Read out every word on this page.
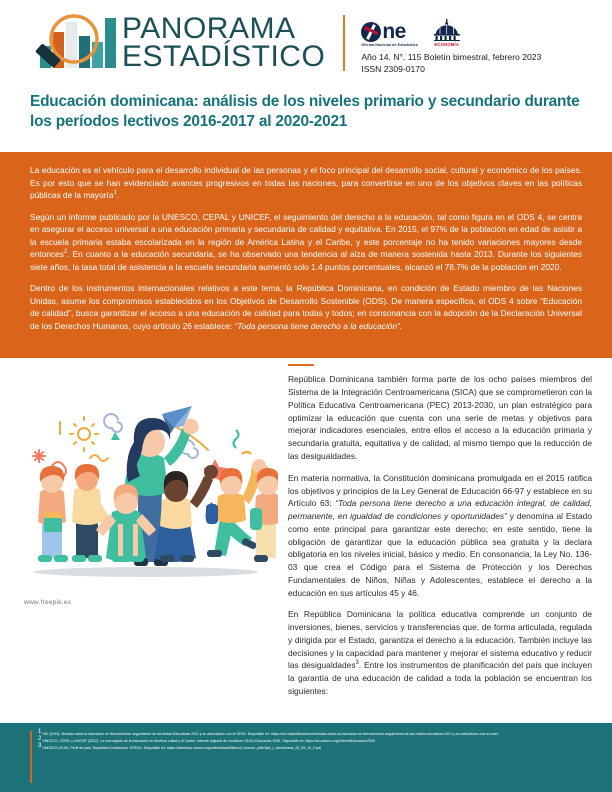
PANORAMA
ESTADÍSTICO
ne
Oficina Nacional de Estadística	ECONOMÍA
Año 14, N°. 115 Boletín bimestral, febrero 2023
ISSN 2309-0170
Educación dominicana: análisis de los niveles primario y secundario durante los períodos lectivos 2016-2017 al 2020-2021

La educación es el vehículo para el desarrollo individual de las personas y el foco principal del desarrollo social, cultural y económico de los países. Es por esto que se han evidenciado avances progresivos en todas las naciones, para convertirse en uno de los objetivos claves en las políticas públicas de la mayoría$^1$.

Según un informe publicado por la UNESCO, CEPAL y UNICEF, el seguimiento del derecho a la educación, tal como figura en el ODS 4, se centra en asegurar el acceso universal a una educación primaria y secundaria de calidad y equitativa. En 2015, el 97% de la población en edad de asistir a la escuela primaria estaba escolarizada en la región de América Latina y el Caribe, y este porcentaje no ha tenido variaciones mayores desde entonces$^2$. En cuanto a la educación secundaria, se ha observado una tendencia al alza de manera sostenida hasta 2013. Durante los siguientes siete años, la tasa total de asistencia a la escuela secundaria aumentó solo 1.4 puntos porcentuales, alcanzó el 78.7% de la población en 2020.

Dentro de los instrumentos internacionales relativos a este tema, la República Dominicana, en condición de Estado miembro de las Naciones Unidas, asume los compromisos establecidos en los Objetivos de Desarrollo Sostenible (ODS). De manera específica, el ODS 4 sobre “Educación de calidad”, busca garantizar el acceso a una educación de calidad para todas y todos; en consonancia con la adopción de la Declaración Universal de los Derechos Humanos, cuyo artículo 26 establece: “Toda persona tiene derecho a la educación”.

www.freepik.es

República Dominicana también forma parte de los ocho países miembros del Sistema de la Integración Centroamericana (SICA) que se comprometieron con la Política Educativa Centroamericana (PEC) 2013-2030, un plan estratégico para optimizar la educación que cuenta con una serie de metas y objetivos para mejorar indicadores esenciales, entre ellos el acceso a la educación primaria y secundaria gratuita, equitativa y de calidad, al mismo tiempo que la reducción de las desigualdades.

En materia normativa, la Constitución dominicana promulgada en el 2015 ratifica los objetivos y principios de la Ley General de Educación 66-97 y establece en su Artículo 63: “Toda persona tiene derecho a una educación integral, de calidad, permanente, en igualdad de condiciones y oportunidades” y denomina al Estado como ente principal para garantizar este derecho; en este sentido, tiene la obligación de garantizar que la educación pública sea gratuita y la declara obligatoria en los niveles inicial, básico y medio. En consonancia, la Ley No. 136-03 que crea el Código para el Sistema de Protección y los Derechos Fundamentales de Niños, Niñas y Adolescentes, establece el derecho a la educación en sus artículos 45 y 46.

En República Dominicana la política educativa comprende un conjunto de inversiones, bienes, servicios y transferencias que, de forma articulada, regulada y dirigida por el Estado, garantiza el derecho a la educación. También incluye las decisiones y la capacidad para mantener y mejorar el sistema educativo y reducir las desigualdades$^3$. Entre los instrumentos de planificación del país que incluyen la garantía de una educación de calidad a toda la población se encuentran los siguientes:

$^1$ OEI (2019). Miradas sobre la educación en Iberoamérica: seguimiento de las Metas Educativas 2021 y su articulación con el ODS4. Disponible en: https://oei.int/publicaciones/miradas-sobre-la-educacion-en-iberoamerica-seguimiento-de-las-metas-educativas-2021-y-su-articulacion-con-el-ods4
$^2$ UNESCO, CEPAL y UNICEF (2022). La encrucijada de la educación en América Latina y el Caribe: informe regional de monitoreo ODS4-Educación 2030. Disponible en: https://es.unesco.org/InformeEducacion2030
$^3$ UNESCO (2019). Perfil de país: República Dominicana. SITEAL. Disponible en: https://siteal.iiep.unesco.org/sites/default/files/sit_informe_pdfs/dpe_r_dominicana_25_09_19_0.pdf
